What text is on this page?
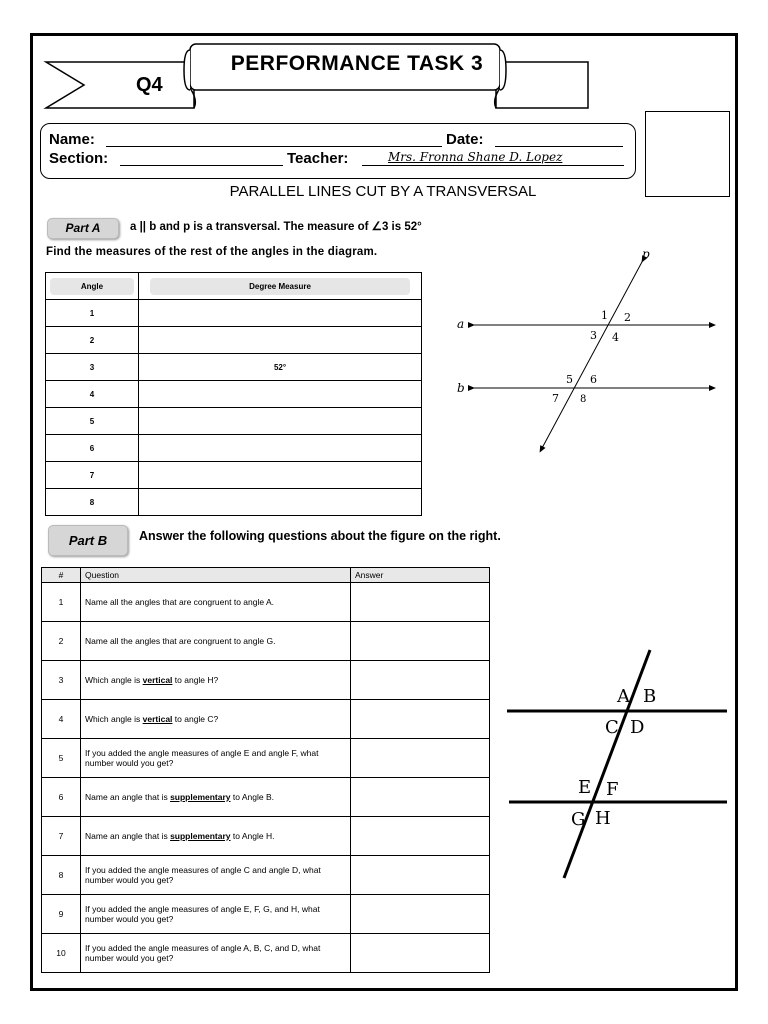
PERFORMANCE TASK 3
Q4
Name:	Date:
Section:	Teacher:	Mrs. Fronna Shane D. Lopez
PARALLEL LINES CUT BY A TRANSVERSAL
Part A	a || b and p is a transversal. The measure of ∠3 is 52°
Find the measures of the rest of the angles in the diagram.
Angle	Degree Measure
1	
2	
3	52°
4	
5	
6	
7	
8	
p
a
b
1 2
3 4
5 6
7 8
Part B	Answer the following questions about the figure on the right.
#	Question	Answer
1	Name all the angles that are congruent to angle A.	
2	Name all the angles that are congruent to angle G.	
3	Which angle is vertical to angle H?	
4	Which angle is vertical to angle C?	
5	If you added the angle measures of angle E and angle F, what number would you get?	
6	Name an angle that is supplementary to Angle B.	
7	Name an angle that is supplementary to Angle H.	
8	If you added the angle measures of angle C and angle D, what number would you get?	
9	If you added the angle measures of angle E, F, G, and H, what number would you get?	
10	If you added the angle measures of angle A, B, C, and D, what number would you get?	
A B
C D
E F
G H
